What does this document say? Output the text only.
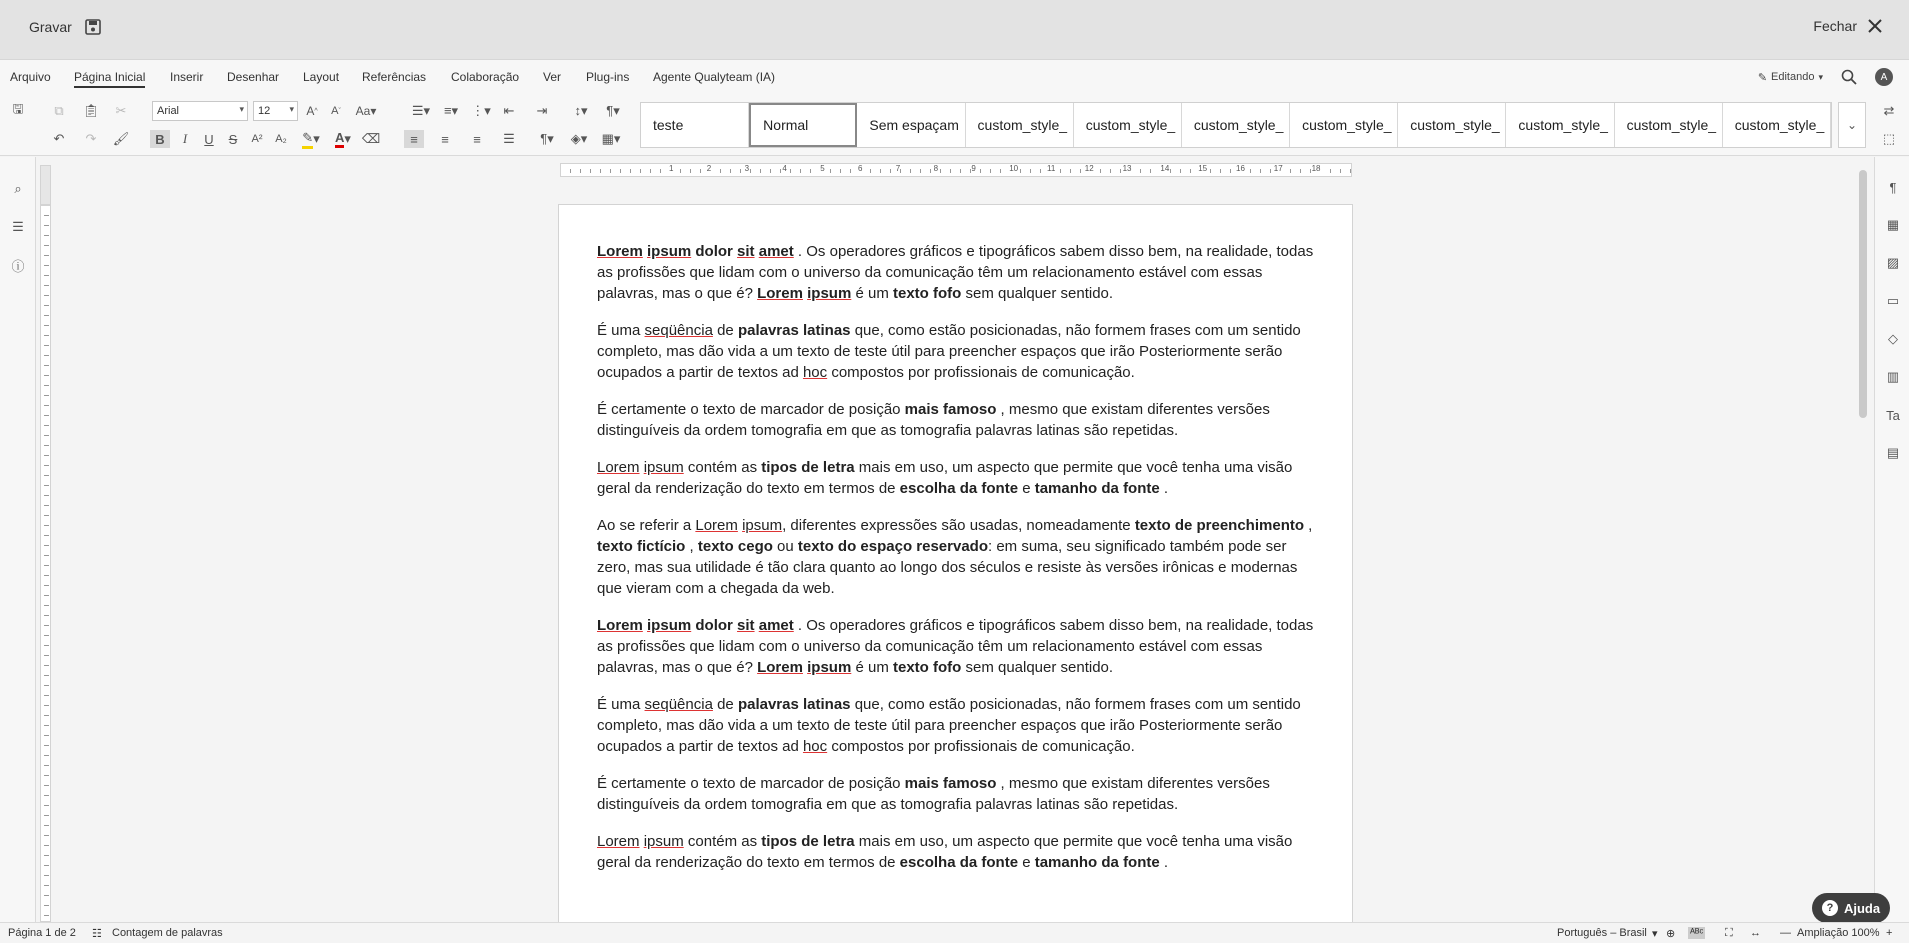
Gravar	Fechar
Arquivo Página Inicial Inserir Desenhar Layout Referências Colaboração Ver Plug-ins Agente Qualyteam (IA)	✎ Editando ▾	A
🖫	⧉	📋︎ ✂
↶ ↷ 🖌︎
Arial	▾	12 ▾ A ^	A ˇ	Aa▾
B	I	U	S	A²	A₂ ✎ ▾	A ▾ ⌫
☰▾	≡▾	⋮▾ ⇤ ⇥	↕▾	¶▾
≡	≡	≡	☰	¶▾	◈▾	▦▾
teste	Normal	Sem espaçam	custom_style_	custom_style_	custom_style_	custom_style_	custom_style_	custom_style_	custom_style_	custom_style_	⌄
⇄
⬚
⌕
☰
ⓘ
¶
▦
▨
▭
◇
▥
Ta
▤
1	2	3	4	5	6	7	8	9	10	11	12	13	14	15	16	17	18

Lorem ipsum dolor sit amet . Os operadores gráficos e tipográficos sabem disso bem, na realidade, todas as profissões que lidam com o universo da comunicação têm um relacionamento estável com essas palavras, mas o que é? Lorem ipsum é um texto fofo sem qualquer sentido.

É uma seqüência de palavras latinas que, como estão posicionadas, não formem frases com um sentido completo, mas dão vida a um texto de teste útil para preencher espaços que irão Posteriormente serão ocupados a partir de textos ad hoc compostos por profissionais de comunicação.

É certamente o texto de marcador de posição mais famoso , mesmo que existam diferentes versões distinguíveis da ordem tomografia em que as tomografia palavras latinas são repetidas.

Lorem ipsum contém as tipos de letra mais em uso, um aspecto que permite que você tenha uma visão geral da renderização do texto em termos de escolha da fonte e tamanho da fonte .

Ao se referir a Lorem ipsum, diferentes expressões são usadas, nomeadamente texto de preenchimento , texto fictício , texto cego ou texto do espaço reservado: em suma, seu significado também pode ser zero, mas sua utilidade é tão clara quanto ao longo dos séculos e resiste às versões irônicas e modernas que vieram com a chegada da web.

Lorem ipsum dolor sit amet . Os operadores gráficos e tipográficos sabem disso bem, na realidade, todas as profissões que lidam com o universo da comunicação têm um relacionamento estável com essas palavras, mas o que é? Lorem ipsum é um texto fofo sem qualquer sentido.

É uma seqüência de palavras latinas que, como estão posicionadas, não formem frases com um sentido completo, mas dão vida a um texto de teste útil para preencher espaços que irão Posteriormente serão ocupados a partir de textos ad hoc compostos por profissionais de comunicação.

É certamente o texto de marcador de posição mais famoso , mesmo que existam diferentes versões distinguíveis da ordem tomografia em que as tomografia palavras latinas são repetidas.

Lorem ipsum contém as tipos de letra mais em uso, um aspecto que permite que você tenha uma visão geral da renderização do texto em termos de escolha da fonte e tamanho da fonte .

? Ajuda
Página 1 de 2 ☷ Contagem de palavras	Português – Brasil ▾ ⊕ ᴬᴮᶜ ⛶ ↔ — Ampliação 100% +
